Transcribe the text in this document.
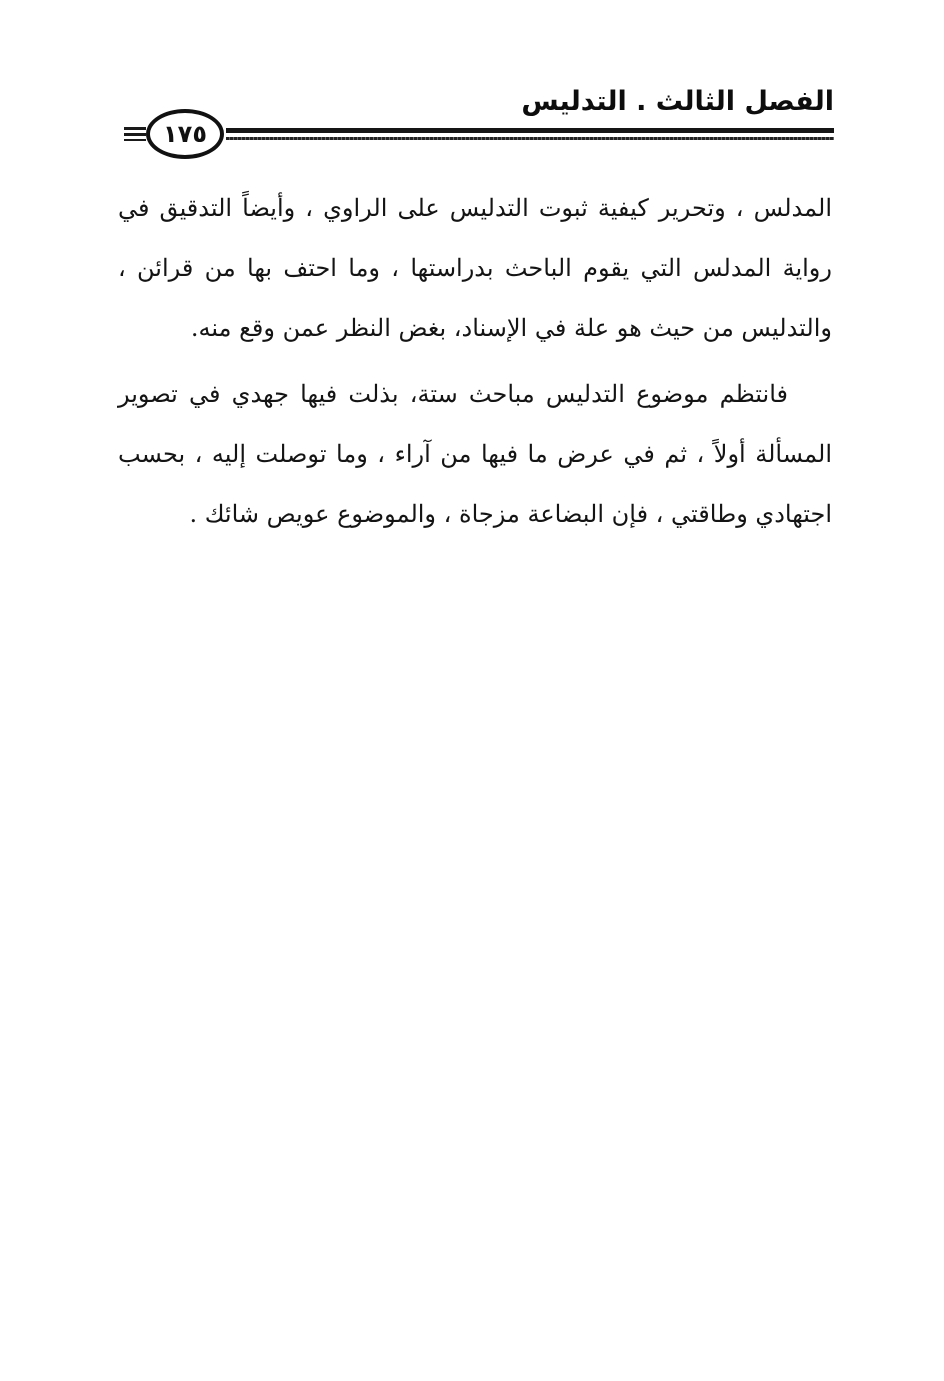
الفصل الثالث . التدليس
١٧٥

المدلس ، وتحرير كيفية ثبوت التدليس على الراوي ، وأيضاً التدقيق في رواية المدلس التي يقوم الباحث بدراستها ، وما احتف بها من قرائن ، والتدليس من حيث هو علة في الإسناد، بغض النظر عمن وقع منه.

فانتظم موضوع التدليس مباحث ستة، بذلت فيها جهدي في تصوير المسألة أولاً ، ثم في عرض ما فيها من آراء ، وما توصلت إليه ، بحسب اجتهادي وطاقتي ، فإن البضاعة مزجاة ، والموضوع عويص شائك .
